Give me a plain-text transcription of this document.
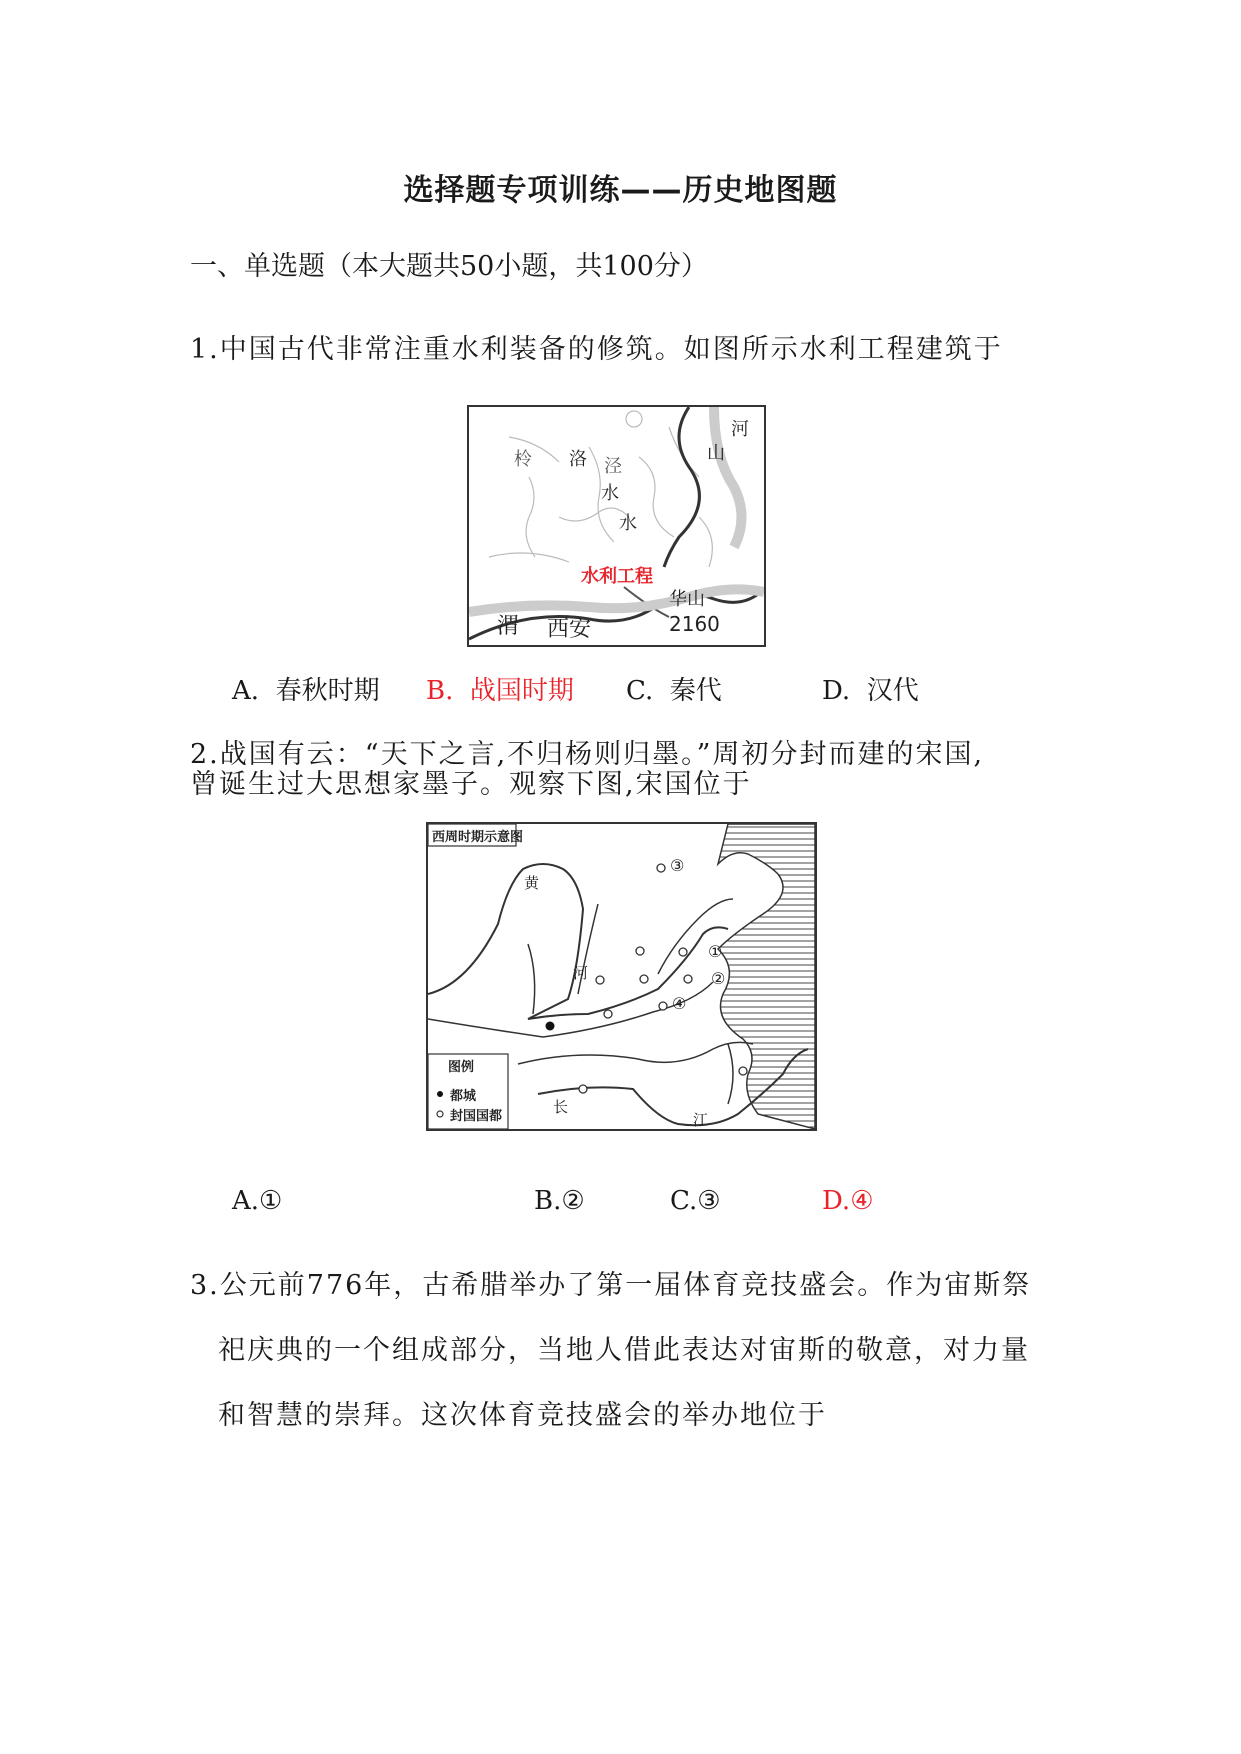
选择题专项训练——历史地图题
一、单选题（本大题共50小题，共100分）
1.中国古代非常注重水利装备的修筑。如图所示水利工程建筑于
柃 洛 泾
水
水
河
山
水利工程
渭 西安
华山
2160
A. 春秋时期 B. 战国时期 C. 秦代	D. 汉代
2.战国有云：“天下之言,不归杨则归墨。”周初分封而建的宋国,
曾诞生过大思想家墨子。观察下图,宋国位于
西周时期示意图
黄
河
长
江
③
①
②
④
图例
都城
封国国都
A.①	B.②	C.③	D.④
3.公元前776年，古希腊举办了第一届体育竞技盛会。作为宙斯祭
祀庆典的一个组成部分，当地人借此表达对宙斯的敬意，对力量
和智慧的崇拜。这次体育竞技盛会的举办地位于
